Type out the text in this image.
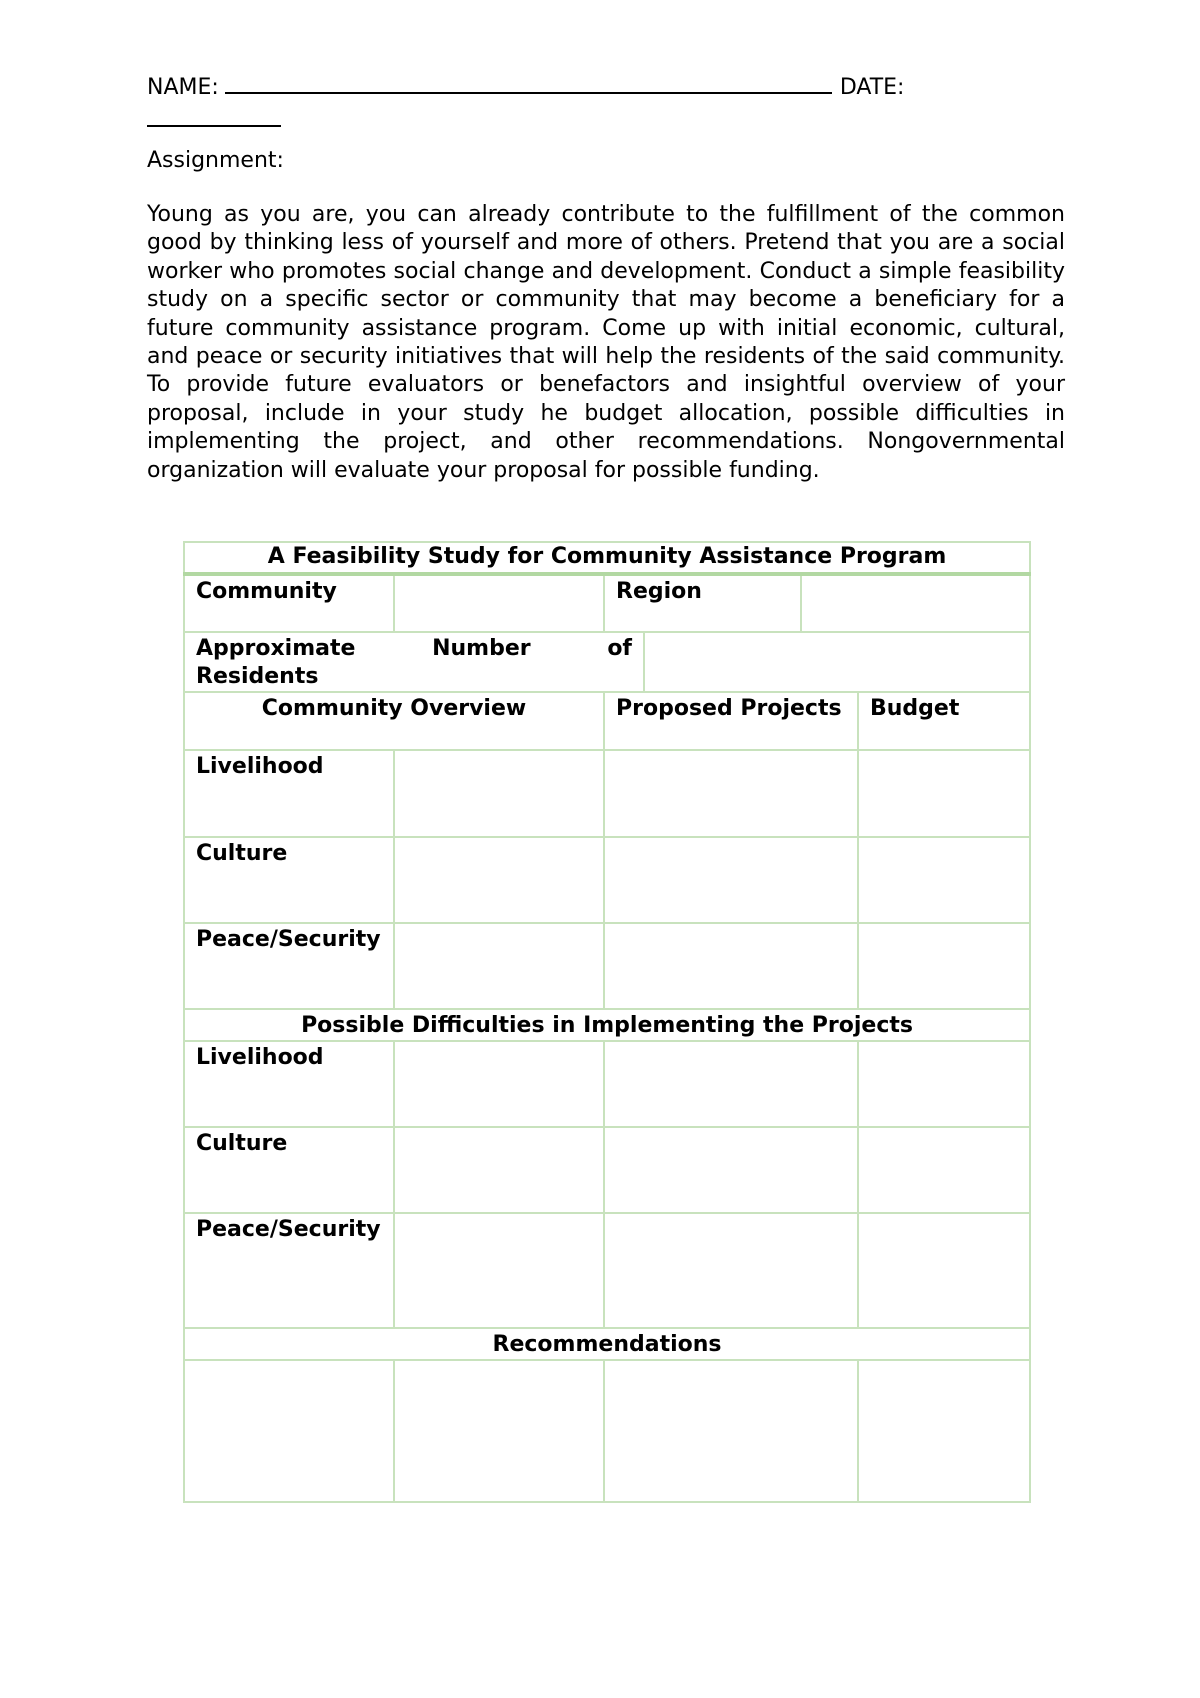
NAME:	DATE:
Assignment:
Young as you are, you can already contribute to the fulfillment of the common good by thinking less of yourself and more of others. Pretend that you are a social worker who promotes social change and development. Conduct a simple feasibility study on a specific sector or community that may become a beneficiary for a future community assistance program. Come up with initial economic, cultural, and peace or security initiatives that will help the residents of the said community. To provide future evaluators or benefactors and insightful overview of your proposal, include in your study he budget allocation, possible difficulties in implementing the project, and other recommendations. Nongovernmental organization will evaluate your proposal for possible funding.
A Feasibility Study for Community Assistance Program					
Community		Region			

Approximate Number of
Residents					

Community Overview		Proposed Projects			Budget
Livelihood					
Culture					
Peace/Security					
Possible Difficulties in Implementing the Projects					
Livelihood					
Culture					
Peace/Security					
Recommendations					
